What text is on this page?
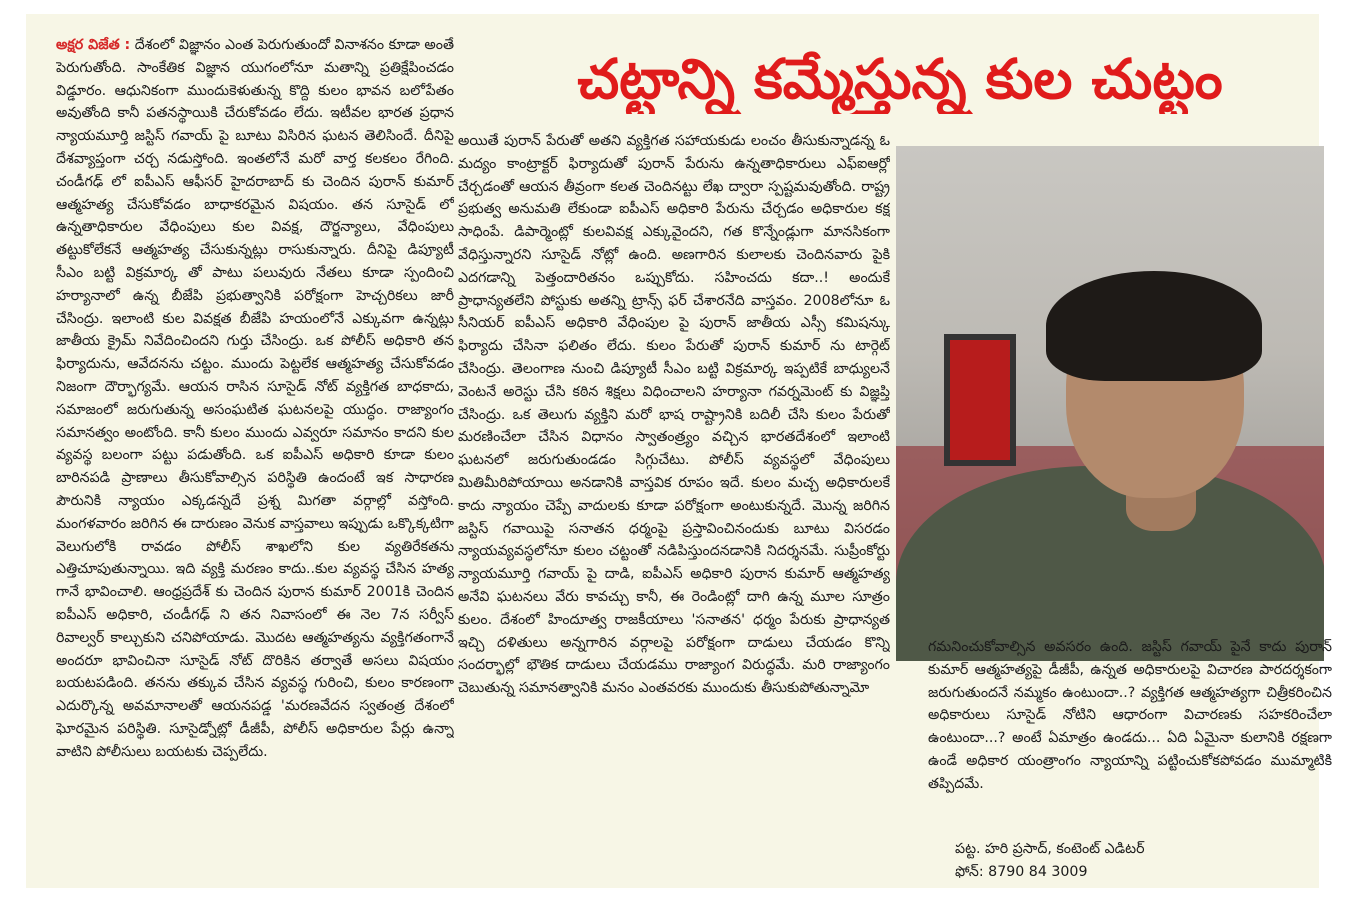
చట్టాన్ని కమ్మేస్తున్న కుల చుట్టం

అక్షర విజేత : దేశంలో విజ్ఞానం ఎంత పెరుగుతుందో వినాశనం కూడా అంతే పెరుగుతోంది. సాంకేతిక విజ్ఞాన యుగంలోనూ మతాన్ని ప్రతిక్షేపించడం విడ్డూరం. ఆధునికంగా ముందుకెళుతున్న కొద్ది కులం భావన బలోపేతం అవుతోంది కానీ పతనస్థాయికి చేరుకోవడం లేదు. ఇటీవల భారత ప్రధాన న్యాయమూర్తి జస్టిస్ గవాయ్ పై బూటు విసిరిన ఘటన తెలిసిందే. దీనిపై దేశవ్యాప్తంగా చర్చ నడుస్తోంది. ఇంతలోనే మరో వార్త కలకలం రేగింది. చండీగఢ్ లో ఐపీఎస్ ఆఫీసర్ హైదరాబాద్ కు చెందిన పురాన్ కుమార్ ఆత్మహత్య చేసుకోవడం బాధాకరమైన విషయం. తన సూసైడ్ లో ఉన్నతాధికారుల వేధింపులు కుల వివక్ష, దౌర్జన్యాలు, వేధింపులు తట్టుకోలేకనే ఆత్మహత్య చేసుకున్నట్లు రాసుకున్నారు. దీనిపై డిప్యూటీ సీఎం బట్టి విక్రమార్క తో పాటు పలువురు నేతలు కూడా స్పందించి హర్యానాలో ఉన్న బీజేపి ప్రభుత్వానికి పరోక్షంగా హెచ్చరికలు జారీ చేసింద్రు. ఇలాంటి కుల వివక్షత బీజేపి హయంలోనే ఎక్కువగా ఉన్నట్లు జాతీయ క్రైమ్ నివేదించిందని గుర్తు చేసింద్రు. ఒక పోలీస్ అధికారి తన ఫిర్యాదును, ఆవేదనను చట్టం. ముందు పెట్టలేక ఆత్మహత్య చేసుకోవడం నిజంగా దౌర్భాగ్యమే. ఆయన రాసిన సూసైడ్ నోట్ వ్యక్తిగత బాధకాదు, సమాజంలో జరుగుతున్న అసంఘటిత ఘటనలపై యుద్ధం. రాజ్యాంగం సమానత్వం అంటోంది. కానీ కులం ముందు ఎవ్వరూ సమానం కాదని కుల వ్యవస్థ బలంగా పట్టు పడుతోంది. ఒక ఐపీఎస్ అధికారి కూడా కులం బారినపడి ప్రాణాలు తీసుకోవాల్సిన పరిస్థితి ఉందంటే ఇక సాధారణ పౌరునికి న్యాయం ఎక్కడన్నదే ప్రశ్న మిగతా వర్గాల్లో వస్తోంది. మంగళవారం జరిగిన ఈ దారుణం వెనుక వాస్తవాలు ఇప్పుడు ఒక్కొక్కటిగా వెలుగులోకి రావడం పోలీస్ శాఖలోని కుల వ్యతిరేకతను ఎత్తిచూపుతున్నాయి. ఇది వ్యక్తి మరణం కాదు..కుల వ్యవస్థ చేసిన హత్య గానే భావించాలి. ఆంధ్రప్రదేశ్ కు చెందిన పురాన కుమార్ 2001కి చెందిన ఐపీఎస్ అధికారి, చండీగఢ్ ని తన నివాసంలో ఈ నెల 7న సర్వీస్ రివాల్వర్ కాల్చుకుని చనిపోయాడు. మొదట ఆత్మహత్యను వ్యక్తిగతంగానే అందరూ భావించినా సూసైడ్ నోట్ దొరికిన తర్వాతే అసలు విషయం బయటపడింది. తనను తక్కువ చేసిన వ్యవస్థ గురించి, కులం కారణంగా ఎదుర్కొన్న అవమానాలతో ఆయనపడ్డ 'మరణవేదన స్వతంత్ర దేశంలో ఘోరమైన పరిస్థితి. సూసైడ్నోట్లో డీజీపీ, పోలీస్ అధికారుల పేర్లు ఉన్నా వాటిని పోలీసులు బయటకు చెప్పలేదు.

అయితే పురాన్ పేరుతో అతని వ్యక్తిగత సహాయకుడు లంచం తీసుకున్నాడన్న ఓ మద్యం కాంట్రాక్టర్ ఫిర్యాదుతో పురాన్ పేరును ఉన్నతాధికారులు ఎఫ్ఐఆర్లో చేర్చడంతో ఆయన తీవ్రంగా కలత చెందినట్టు లేఖ ద్వారా స్పష్టమవుతోంది. రాష్ట్ర ప్రభుత్వ అనుమతి లేకుండా ఐపీఎస్ అధికారి పేరును చేర్చడం అధికారుల కక్ష సాధింపే. డిపార్మెంట్లో కులవివక్ష ఎక్కువైందని, గత కొన్నేండ్లుగా మానసికంగా వేధిస్తున్నారని సూసైడ్ నోట్లో ఉంది. అణగారిన కులాలకు చెందినవారు పైకి ఎదగడాన్ని పెత్తందారితనం ఒప్పుకోదు. సహించదు కదా..! అందుకే ప్రాధాన్యతలేని పోస్టుకు అతన్ని ట్రాన్స్ ఫర్ చేశారనేది వాస్తవం. 2008లోనూ ఓ సీనియర్ ఐపీఎస్ అధికారి వేధింపుల పై పురాన్ జాతీయ ఎస్సీ కమిషన్కు ఫిర్యాదు చేసినా ఫలితం లేదు. కులం పేరుతో పురాన్ కుమార్ ను టార్గెట్ చేసింద్రు. తెలంగాణ నుంచి డిప్యూటీ సీఎం బట్టి విక్రమార్క ఇప్పటికే బాధ్యులనే వెంటనే అరెస్టు చేసి కఠిన శిక్షలు విధించాలని హర్యానా గవర్నమెంట్ కు విజ్ఞప్తి చేసింద్రు. ఒక తెలుగు వ్యక్తిని మరో భాష రాష్ట్రానికి బదిలీ చేసి కులం పేరుతో మరణించేలా చేసిన విధానం స్వాతంత్ర్యం వచ్చిన భారతదేశంలో ఇలాంటి ఘటనలో జరుగుతుండడం సిగ్గుచేటు. పోలీస్ వ్యవస్థలో వేధింపులు మితిమీరిపోయాయి అనడానికి వాస్తవిక రూపం ఇదే. కులం మచ్చ అధికారులకే కాదు న్యాయం చెప్పే వాదులకు కూడా పరోక్షంగా అంటుకున్నదే. మొన్న జరిగిన జస్టిస్ గవాయిపై సనాతన ధర్మంపై ప్రస్తావించినందుకు బూటు విసరడం న్యాయవ్యవస్థలోనూ కులం చట్టంతో నడిపిస్తుందనడానికి నిదర్శనమే. సుప్రీంకోర్టు న్యాయమూర్తి గవాయ్ పై దాడి, ఐపీఎస్ అధికారి పురాన కుమార్ ఆత్మహత్య అనేవి ఘటనలు వేరు కావచ్చు కానీ, ఈ రెండింట్లో దాగి ఉన్న మూల సూత్రం కులం. దేశంలో హిందూత్వ రాజకీయాలు 'సనాతన' ధర్మం పేరుకు ప్రాధాన్యత ఇచ్చి దళితులు అన్నగారిన వర్గాలపై పరోక్షంగా దాడులు చేయడం కొన్ని సందర్భాల్లో భౌతిక దాడులు చేయడము రాజ్యాంగ విరుద్ధమే. మరి రాజ్యాంగం చెబుతున్న సమానత్వానికి మనం ఎంతవరకు ముందుకు తీసుకుపోతున్నామో

గమనించుకోవాల్సిన అవసరం ఉంది. జస్టిస్ గవాయ్ పైనే కాదు పురాన్ కుమార్ ఆత్మహత్యపై డీజీపీ, ఉన్నత అధికారులపై విచారణ పారదర్శకంగా జరుగుతుందనే నమ్మకం ఉంటుందా..? వ్యక్తిగత ఆత్మహత్యగా చిత్రీకరించిన అధికారులు సూసైడ్ నోటిని ఆధారంగా విచారణకు సహకరించేలా ఉంటుందా...? అంటే ఏమాత్రం ఉండదు... ఏది ఏమైనా కులానికి రక్షణగా ఉండే అధికార యంత్రాంగం న్యాయాన్ని పట్టించుకోకపోవడం ముమ్మాటికి తప్పిదమే.

పట్ట. హరి ప్రసాద్, కంటెంట్ ఎడిటర్
ఫోన్: 8790 84 3009
